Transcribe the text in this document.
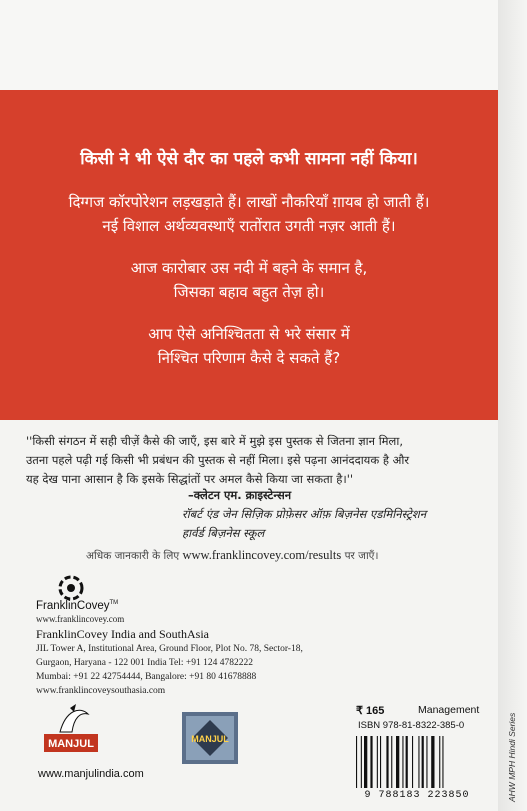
किसी ने भी ऐसे दौर का पहले कभी सामना नहीं किया।
दिग्गज कॉरपोरेशन लड़खड़ाते हैं। लाखों नौकरियाँ ग़ायब हो जाती हैं।
नई विशाल अर्थव्यवस्थाएँ रातोंरात उगती नज़र आती हैं।
आज कारोबार उस नदी में बहने के समान है,
जिसका बहाव बहुत तेज़ हो।
आप ऐसे अनिश्चितता से भरे संसार में
निश्चित परिणाम कैसे दे सकते हैं?
''किसी संगठन में सही चीज़ें कैसे की जाएँ, इस बारे में मुझे इस पुस्तक से जितना ज्ञान मिला,
उतना पहले पढ़ी गई किसी भी प्रबंधन की पुस्तक से नहीं मिला। इसे पढ़ना आनंददायक है और
यह देख पाना आसान है कि इसके सिद्धांतों पर अमल कैसे किया जा सकता है।''
–क्लेटन एम. क्राइस्टेन्सन
रॉबर्ट एंड जेन सिज़िक प्रोफ़ेसर ऑफ़ बिज़नेस एडमिनिस्ट्रेशन
हार्वर्ड बिज़नेस स्कूल
अधिक जानकारी के लिए www.franklincovey.com/results पर जाएँ।
FranklinCovey™
www.franklincovey.com
FranklinCovey India and SouthAsia
JIL Tower A, Institutional Area, Ground Floor, Plot No. 78, Sector-18,
Gurgaon, Haryana - 122 001 India Tel: +91 124 4782222
Mumbai: +91 22 42754444, Bangalore: +91 80 41678888
www.franklincoveysouthasia.com
MANJUL
www.manjulindia.com
MANJUL
₹ 165	Management
ISBN 978-81-8322-385-0
9 788183 223850	AHW MPH Hindi Series
